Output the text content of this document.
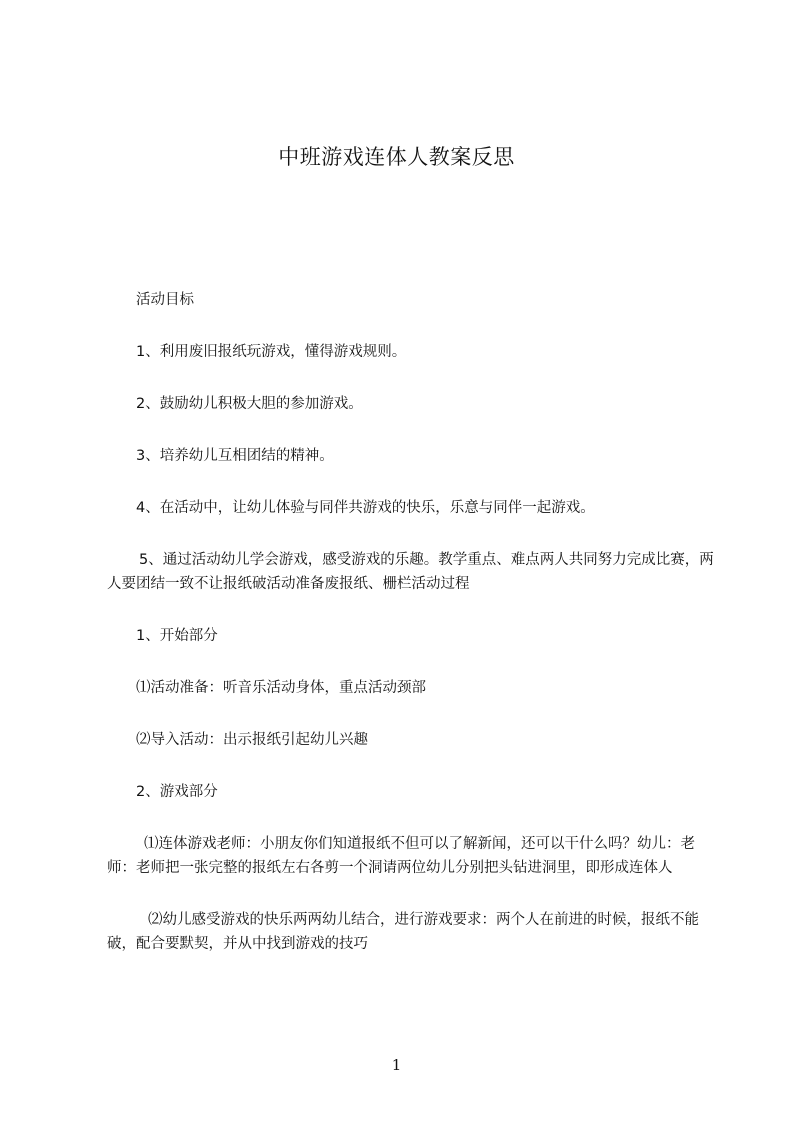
中班游戏连体人教案反思

活动目标

1、利用废旧报纸玩游戏，懂得游戏规则。

2、鼓励幼儿积极大胆的参加游戏。

3、培养幼儿互相团结的精神。

4、在活动中，让幼儿体验与同伴共游戏的快乐，乐意与同伴一起游戏。

5、通过活动幼儿学会游戏，感受游戏的乐趣。教学重点、难点两人共同努力完成比赛，两人要团结一致不让报纸破活动准备废报纸、栅栏活动过程

1、开始部分

⑴活动准备：听音乐活动身体，重点活动颈部

⑵导入活动：出示报纸引起幼儿兴趣

2、游戏部分

⑴连体游戏老师：小朋友你们知道报纸不但可以了解新闻，还可以干什么吗？幼儿：老师：老师把一张完整的报纸左右各剪一个洞请两位幼儿分别把头钻进洞里，即形成连体人

⑵幼儿感受游戏的快乐两两幼儿结合，进行游戏要求：两个人在前进的时候，报纸不能破，配合要默契，并从中找到游戏的技巧

1
